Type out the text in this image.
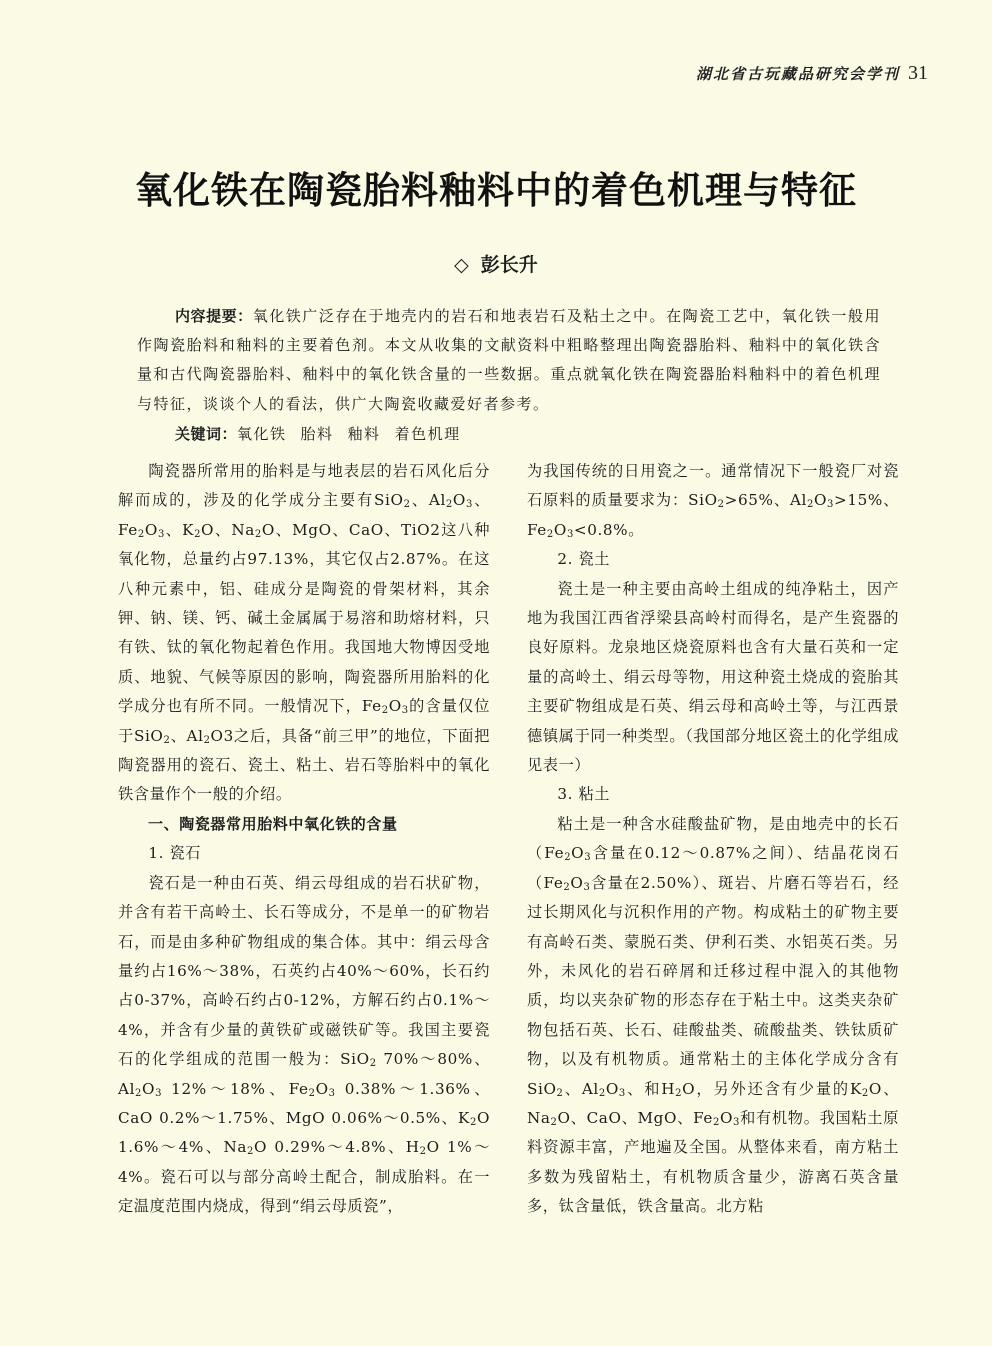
湖北省古玩藏品研究会学刊 31
氧化铁在陶瓷胎料釉料中的着色机理与特征
◇ 彭长升

内容提要：氧化铁广泛存在于地壳内的岩石和地表岩石及粘土之中。在陶瓷工艺中，氧化铁一般用作陶瓷胎料和釉料的主要着色剂。本文从收集的文献资料中粗略整理出陶瓷器胎料、釉料中的氧化铁含量和古代陶瓷器胎料、釉料中的氧化铁含量的一些数据。重点就氧化铁在陶瓷器胎料釉料中的着色机理与特征，谈谈个人的看法，供广大陶瓷收藏爱好者参考。

关键词：氧化铁 胎料 釉料 着色机理

陶瓷器所常用的胎料是与地表层的岩石风化后分解而成的，涉及的化学成分主要有SiO$_2$、$Al_2O_3$、$Fe_2O_3$、$K_2O$、$Na_2O$、MgO、CaO、TiO2这八种氧化物，总量约占97.13%，其它仅占2.87%。在这八种元素中，铝、硅成分是陶瓷的骨架材料，其余钾、钠、镁、钙、碱土金属属于易溶和助熔材料，只有铁、钛的氧化物起着色作用。我国地大物博因受地质、地貌、气候等原因的影响，陶瓷器所用胎料的化学成分也有所不同。一般情况下，$Fe_2O_3$的含量仅位于SiO$_2$、$Al_2O3$之后，具备“前三甲”的地位，下面把陶瓷器用的瓷石、瓷土、粘土、岩石等胎料中的氧化铁含量作个一般的介绍。

一、陶瓷器常用胎料中氧化铁的含量

1. 瓷石

瓷石是一种由石英、绢云母组成的岩石状矿物，并含有若干高岭土、长石等成分，不是单一的矿物岩石，而是由多种矿物组成的集合体。其中：绢云母含量约占16%～38%，石英约占40%～60%，长石约占0-37%，高岭石约占0-12%，方解石约占0.1%～4%，并含有少量的黄铁矿或磁铁矿等。我国主要瓷石的化学组成的范围一般为：SiO$_2$ 70%～80%、$Al_2O_3$ 12%～18%、$Fe_2O_3$ 0.38%～1.36%、CaO 0.2%～1.75%、MgO 0.06%～0.5%、$K_2O$ 1.6%～4%、$Na_2O$ 0.29%～4.8%、$H_2O$ 1%～4%。瓷石可以与部分高岭土配合，制成胎料。在一定温度范围内烧成，得到“绢云母质瓷”，

为我国传统的日用瓷之一。通常情况下一般瓷厂对瓷石原料的质量要求为：SiO$_2$>65%、$Al_2O_3>15\%$、$Fe_2O_3<0.8\%$。

2. 瓷土

瓷土是一种主要由高岭土组成的纯净粘土，因产地为我国江西省浮梁县高岭村而得名，是产生瓷器的良好原料。龙泉地区烧瓷原料也含有大量石英和一定量的高岭土、绢云母等物，用这种瓷土烧成的瓷胎其主要矿物组成是石英、绢云母和高岭土等，与江西景德镇属于同一种类型。（我国部分地区瓷土的化学组成见表一）

3. 粘土

粘土是一种含水硅酸盐矿物，是由地壳中的长石（$Fe_2O_3$含量在0.12～0.87%之间）、结晶花岗石（$Fe_2O_3$含量在2.50%）、斑岩、片磨石等岩石，经过长期风化与沉积作用的产物。构成粘土的矿物主要有高岭石类、蒙脱石类、伊利石类、水铝英石类。另外，未风化的岩石碎屑和迁移过程中混入的其他物质，均以夹杂矿物的形态存在于粘土中。这类夹杂矿物包括石英、长石、硅酸盐类、硫酸盐类、铁钛质矿物，以及有机物质。通常粘土的主体化学成分含有SiO$_2$、$Al_2O_3$、和$H_2O$，另外还含有少量的$K_2O$、$Na_2O$、CaO、MgO、$Fe_2O_3$和有机物。我国粘土原料资源丰富，产地遍及全国。从整体来看，南方粘土多数为残留粘土，有机物质含量少，游离石英含量多，钛含量低，铁含量高。北方粘
